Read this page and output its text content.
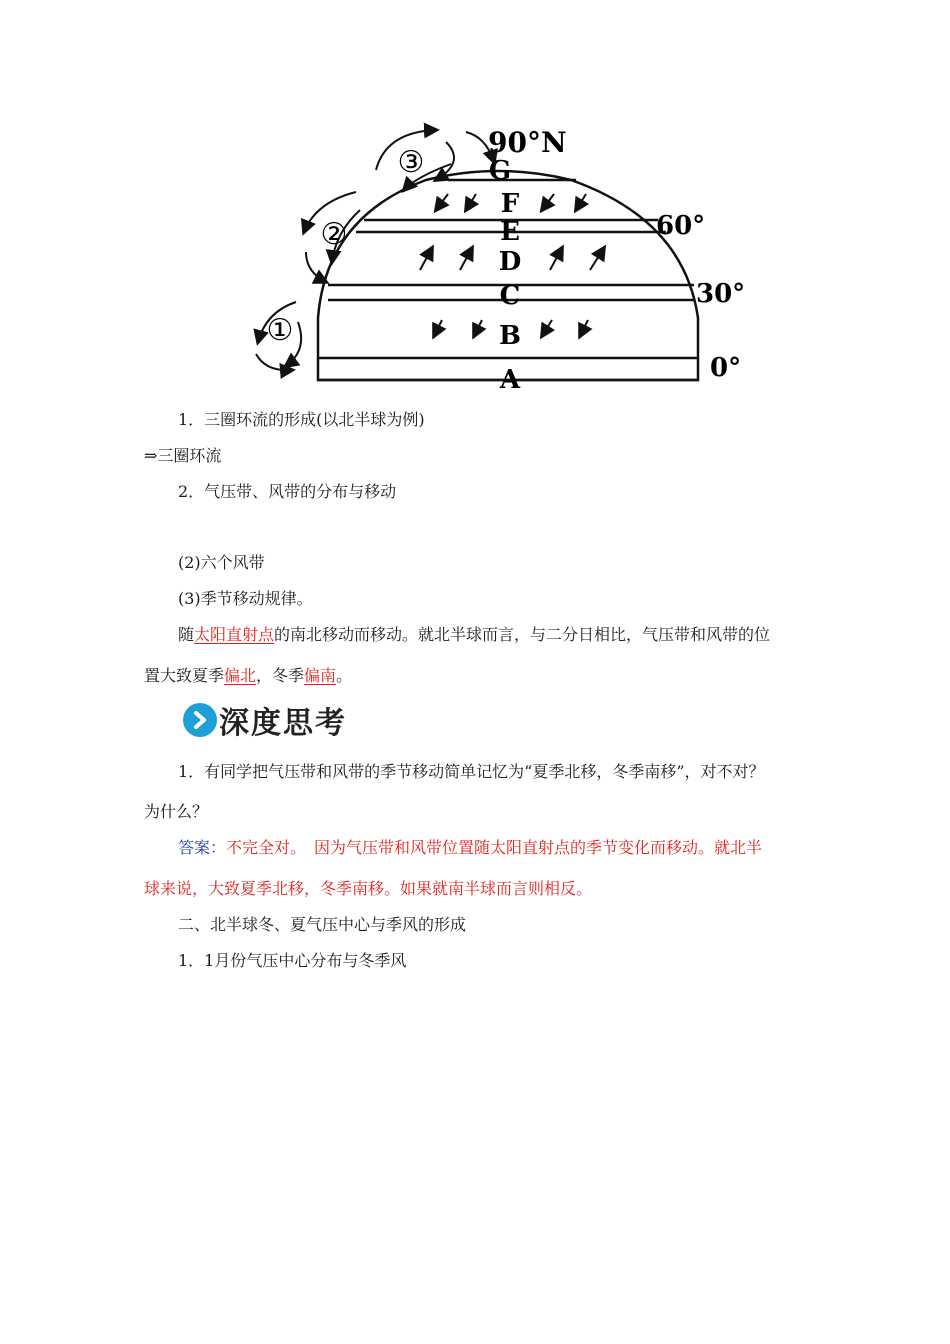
G
F
E
D
C
B
A
90°N
60°
30°
0°
③
②
①
1．三圈环流的形成(以北半球为例)
⇒三圈环流
2．气压带、风带的分布与移动
(2)六个风带
(3)季节移动规律。
随太阳直射点的南北移动而移动。就北半球而言，与二分日相比，气压带和风带的位
置大致夏季偏北，冬季偏南。
深度思考
1．有同学把气压带和风带的季节移动简单记忆为“夏季北移，冬季南移”，对不对？
为什么？
答案：不完全对。　因为气压带和风带位置随太阳直射点的季节变化而移动。就北半
球来说，大致夏季北移，冬季南移。如果就南半球而言则相反。
二、北半球冬、夏气压中心与季风的形成
1．1月份气压中心分布与冬季风
